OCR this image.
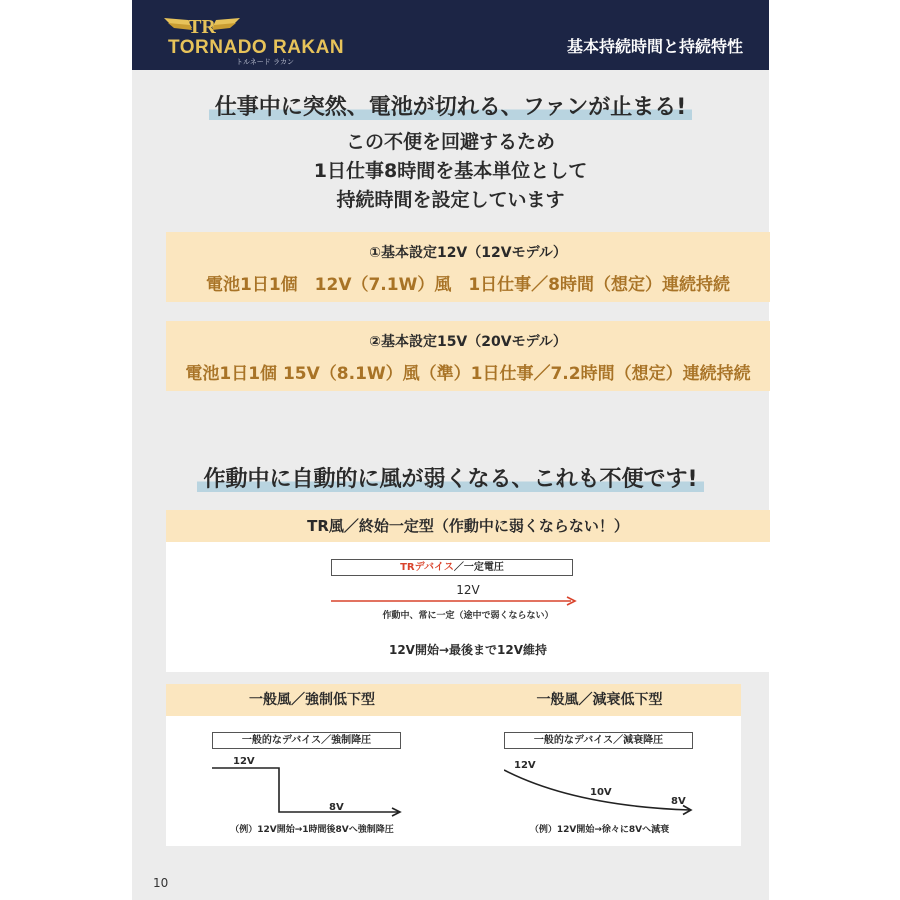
TR
TORNADO RAKAN
トルネード ラカン
基本持続時間と持続特性
仕事中に突然、電池が切れる、ファンが止まる!
この不便を回避するため
1日仕事8時間を基本単位として
持続時間を設定しています
①基本設定12V（12Vモデル）
電池1日1個　12V（7.1W）風　1日仕事／8時間（想定）連続持続
②基本設定15V（20Vモデル）
電池1日1個 15V（8.1W）風（準）1日仕事／7.2時間（想定）連続持続
作動中に自動的に風が弱くなる、これも不便です!
TR風／終始一定型（作動中に弱くならない！）
TRデバイス／一定電圧
12V
作動中、常に一定（途中で弱くならない）
12V開始→最後まで12V維持
一般風／強制低下型
一般的なデバイス／強制降圧
12V
8V
（例）12V開始→1時間後8Vへ強制降圧
一般風／減衰低下型
一般的なデバイス／減衰降圧
12V
10V
8V
（例）12V開始→徐々に8Vへ減衰
10
